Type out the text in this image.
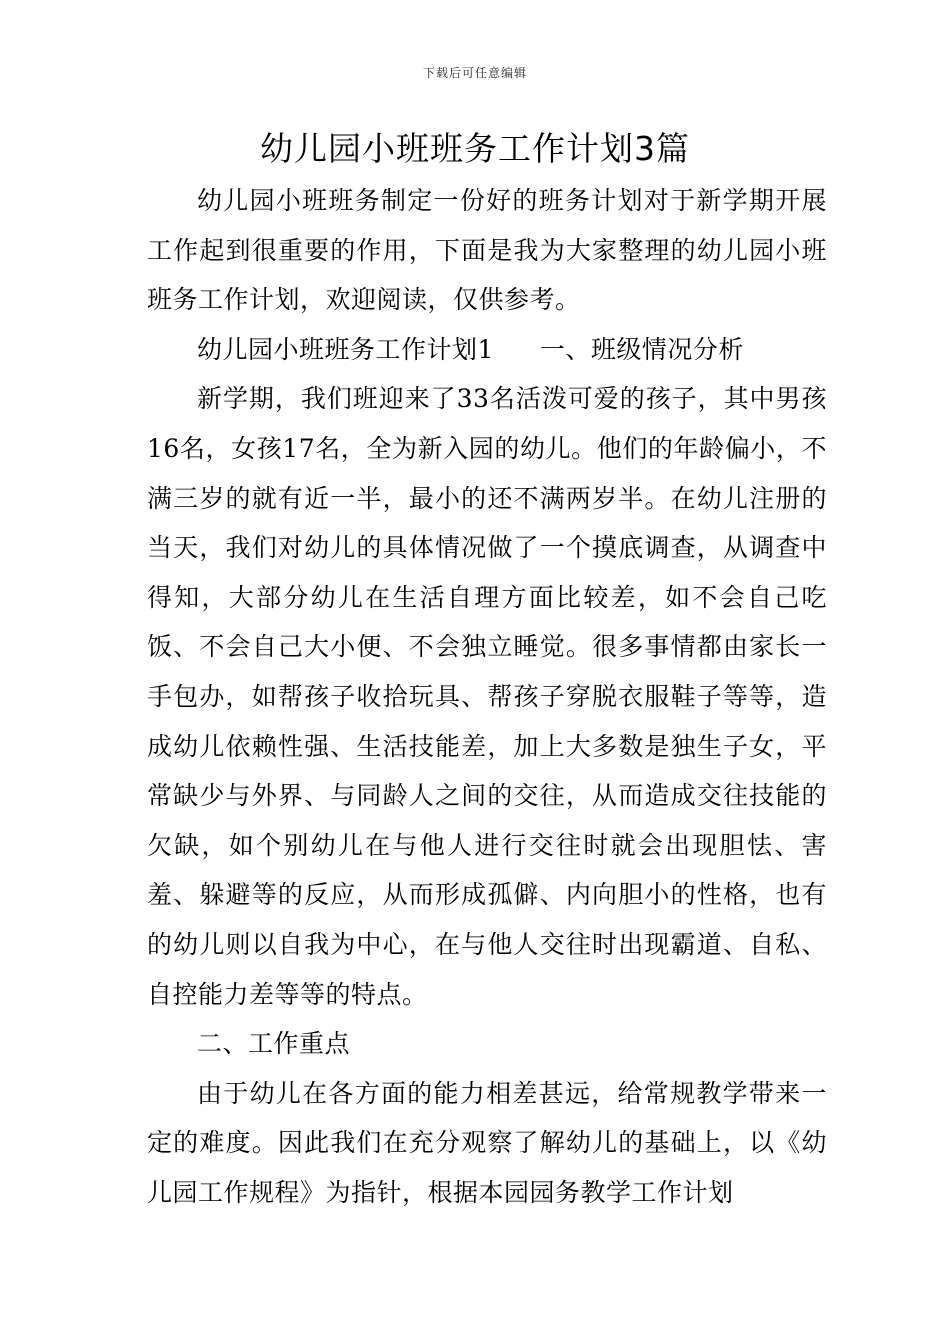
下载后可任意编辑
幼儿园小班班务工作计划3篇

幼儿园小班班务制定一份好的班务计划对于新学期开展工作起到很重要的作用，下面是我为大家整理的幼儿园小班班务工作计划，欢迎阅读，仅供参考。

幼儿园小班班务工作计划1 一、班级情况分析

新学期，我们班迎来了33名活泼可爱的孩子，其中男孩16名，女孩17名，全为新入园的幼儿。他们的年龄偏小，不满三岁的就有近一半，最小的还不满两岁半。在幼儿注册的当天，我们对幼儿的具体情况做了一个摸底调查，从调查中得知，大部分幼儿在生活自理方面比较差，如不会自己吃饭、不会自己大小便、不会独立睡觉。很多事情都由家长一手包办，如帮孩子收拾玩具、帮孩子穿脱衣服鞋子等等，造成幼儿依赖性强、生活技能差，加上大多数是独生子女，平常缺少与外界、与同龄人之间的交往，从而造成交往技能的欠缺，如个别幼儿在与他人进行交往时就会出现胆怯、害羞、躲避等的反应，从而形成孤僻、内向胆小的性格，也有的幼儿则以自我为中心，在与他人交往时出现霸道、自私、自控能力差等等的特点。

二、工作重点

由于幼儿在各方面的能力相差甚远，给常规教学带来一定的难度。因此我们在充分观察了解幼儿的基础上，以《幼儿园工作规程》为指针，根据本园园务教学工作计划
